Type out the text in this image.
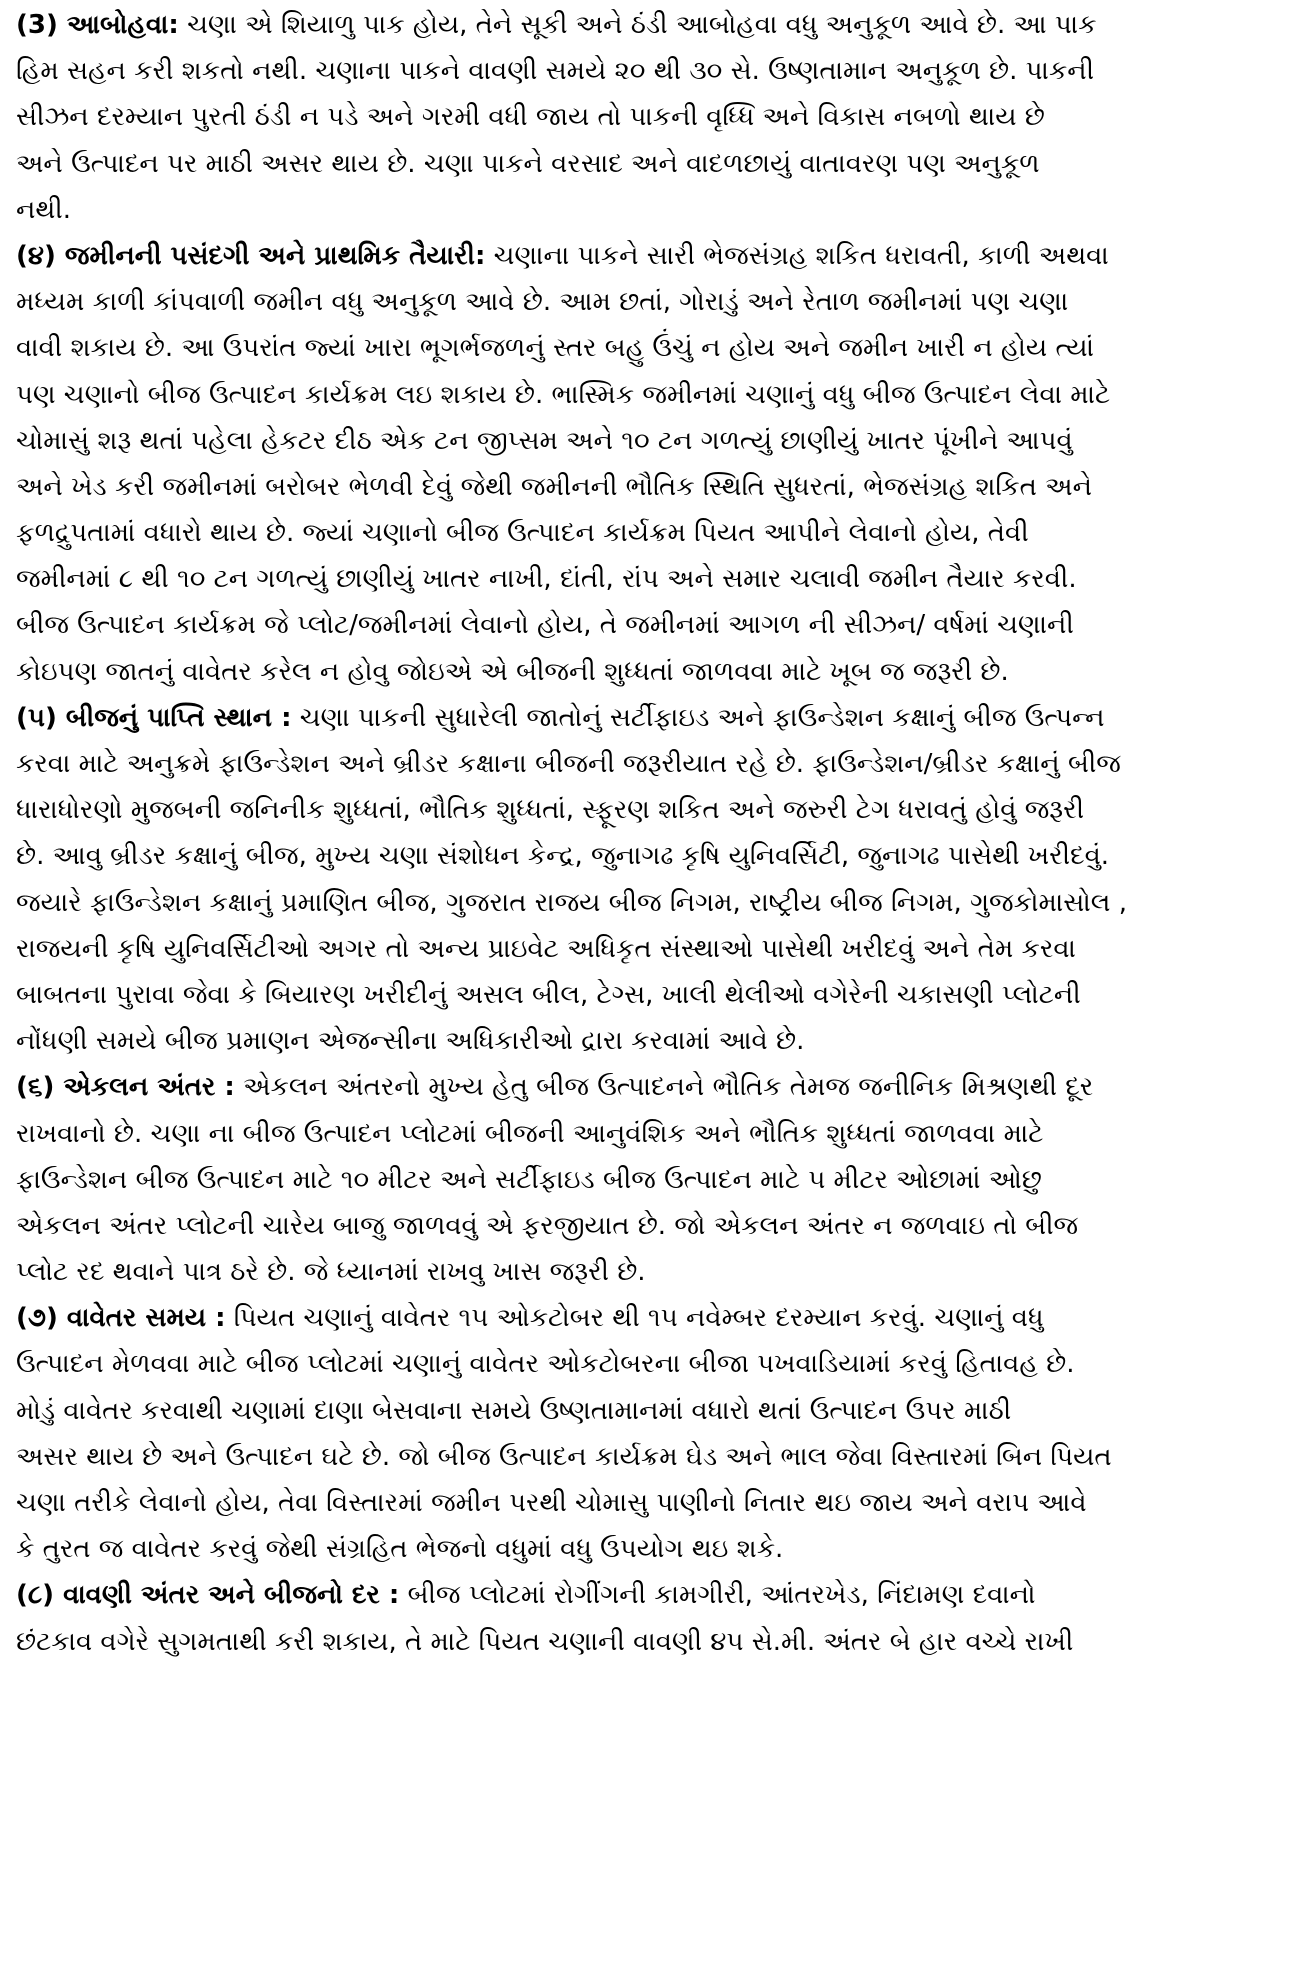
(3) આબોહવા: ચણા એ શિયાળુ પાક હોય, તેને સૂકી અને ઠંડી આબોહવા વધુ અનુકૂળ આવે છે. આ પાક
હિમ સહન કરી શકતો નથી. ચણાના પાકને વાવણી સમયે ૨૦ થી ૩૦ સે. ઉષ્ણતામાન અનુકૂળ છે. પાકની
સીઝન દરમ્યાન પુરતી ઠંડી ન પડે અને ગરમી વધી જાય તો પાકની વૃધ્ધિ અને વિકાસ નબળો થાય છે
અને ઉત્પાદન પર માઠી અસર થાય છે. ચણા પાકને વરસાદ અને વાદળછાયું વાતાવરણ પણ અનુકૂળ
નથી.
(૪) જમીનની પસંદગી અને પ્રાથમિક તૈયારી: ચણાના પાકને સારી ભેજસંગ્રહ શકિત ધરાવતી, કાળી અથવા
મધ્યમ કાળી કાંપવાળી જમીન વધુ અનુકૂળ આવે છે. આમ છતાં, ગોરાડું અને રેતાળ જમીનમાં પણ ચણા
વાવી શકાય છે. આ ઉપરાંત જ્યાં ખારા ભૂગર્ભજળનું સ્તર બહુ ઉંચું ન હોય અને જમીન ખારી ન હોય ત્યાં
પણ ચણાનો બીજ ઉત્પાદન કાર્યક્રમ લઇ શકાય છે. ભાસ્મિક જમીનમાં ચણાનું વધુ બીજ ઉત્પાદન લેવા માટે
ચોમાસું શરૂ થતાં પહેલા હેકટર દીઠ એક ટન જીપ્સમ અને ૧૦ ટન ગળત્યું છાણીયું ખાતર પૂંખીને આપવું
અને ખેડ કરી જમીનમાં બરોબર ભેળવી દેવું જેથી જમીનની ભૌતિક સ્થિતિ સુધરતાં, ભેજસંગ્રહ શકિત અને
ફળદ્રુપતામાં વધારો થાય છે. જ્યાં ચણાનો બીજ ઉત્પાદન કાર્યક્રમ પિયત આપીને લેવાનો હોય, તેવી
જમીનમાં ૮ થી ૧૦ ટન ગળત્યું છાણીયું ખાતર નાખી, દાંતી, રાંપ અને સમાર ચલાવી જમીન તૈયાર કરવી.
બીજ ઉત્પાદન કાર્યક્રમ જે પ્લોટ/જમીનમાં લેવાનો હોય, તે જમીનમાં આગળ ની સીઝન/ વર્ષમાં ચણાની
કોઇપણ જાતનું વાવેતર કરેલ ન હોવુ જોઇએ એ બીજની શુધ્ધતાં જાળવવા માટે ખૂબ જ જરૂરી છે.
(૫) બીજનું પાપ્તિ સ્થાન : ચણા પાકની સુધારેલી જાતોનું સર્ટીફાઇડ અને ફાઉન્ડેશન કક્ષાનું બીજ ઉત્પન્ન
કરવા માટે અનુક્રમે ફાઉન્ડેશન અને બ્રીડર કક્ષાના બીજની જરૂરીયાત રહે છે. ફાઉન્ડેશન/બ્રીડર કક્ષાનું બીજ
ધારાધોરણો મુજબની જનિનીક શુધ્ધતાં, ભૌતિક શુધ્ધતાં, સ્ફૂરણ શકિત અને જરુરી ટેગ ધરાવતું હોવું જરૂરી
છે. આવુ બ્રીડર કક્ષાનું બીજ, મુખ્ય ચણા સંશોધન કેન્દ્ર, જુનાગઢ કૃષિ યુનિવર્સિટી, જુનાગઢ પાસેથી ખરીદવું.
જયારે ફાઉન્ડેશન કક્ષાનું પ્રમાણિત બીજ, ગુજરાત રાજય બીજ નિગમ, રાષ્ટ્રીય બીજ નિગમ, ગુજકોમાસોલ ,
રાજયની કૃષિ યુનિવર્સિટીઓ અગર તો અન્ય પ્રાઇવેટ અધિકૃત સંસ્થાઓ પાસેથી ખરીદવું અને તેમ કરવા
બાબતના પુરાવા જેવા કે બિયારણ ખરીદીનું અસલ બીલ, ટેગ્સ, ખાલી થેલીઓ વગેરેની ચકાસણી પ્લોટની
નોંધણી સમયે બીજ પ્રમાણન એજન્સીના અધિકારીઓ દ્રારા કરવામાં આવે છે.
(૬) એકલન અંતર : એકલન અંતરનો મુખ્ય હેતુ બીજ ઉત્પાદનને ભૌતિક તેમજ જનીનિક મિશ્રણથી દૂર
રાખવાનો છે. ચણા ના બીજ ઉત્પાદન પ્લોટમાં બીજની આનુવંશિક અને ભૌતિક શુધ્ધતાં જાળવવા માટે
ફાઉન્ડેશન બીજ ઉત્પાદન માટે ૧૦ મીટર અને સર્ટીફાઇડ બીજ ઉત્પાદન માટે ૫ મીટર ઓછામાં ઓછુ
એકલન અંતર પ્લોટની ચારેય બાજુ જાળવવું એ ફરજીયાત છે. જો એકલન અંતર ન જળવાઇ તો બીજ
પ્લોટ રદ થવાને પાત્ર ઠરે છે. જે ધ્યાનમાં રાખવુ ખાસ જરૂરી છે.
(૭) વાવેતર સમય : પિયત ચણાનું વાવેતર ૧૫ ઓકટોબર થી ૧૫ નવેમ્બર દરમ્યાન કરવું. ચણાનું વધુ
ઉત્પાદન મેળવવા માટે બીજ પ્લોટમાં ચણાનું વાવેતર ઓકટોબરના બીજા પખવાડિયામાં કરવું હિતાવહ છે.
મોડું વાવેતર કરવાથી ચણામાં દાણા બેસવાના સમયે ઉષ્ણતામાનમાં વધારો થતાં ઉત્પાદન ઉપર માઠી
અસર થાય છે અને ઉત્પાદન ઘટે છે. જો બીજ ઉત્પાદન કાર્યક્રમ ઘેડ અને ભાલ જેવા વિસ્તારમાં બિન પિયત
ચણા તરીકે લેવાનો હોય, તેવા વિસ્તારમાં જમીન પરથી ચોમાસુ પાણીનો નિતાર થઇ જાય અને વરાપ આવે
કે તુરત જ વાવેતર કરવું જેથી સંગ્રહિત ભેજનો વધુમાં વધુ ઉપયોગ થઇ શકે.
(૮) વાવણી અંતર અને બીજનો દર : બીજ પ્લોટમાં રોગીંગની કામગીરી, આંતરખેડ, નિંદામણ દવાનો
છંટકાવ વગેરે સુગમતાથી કરી શકાય, તે માટે પિયત ચણાની વાવણી ૪૫ સે.મી. અંતર બે હાર વચ્ચે રાખી
